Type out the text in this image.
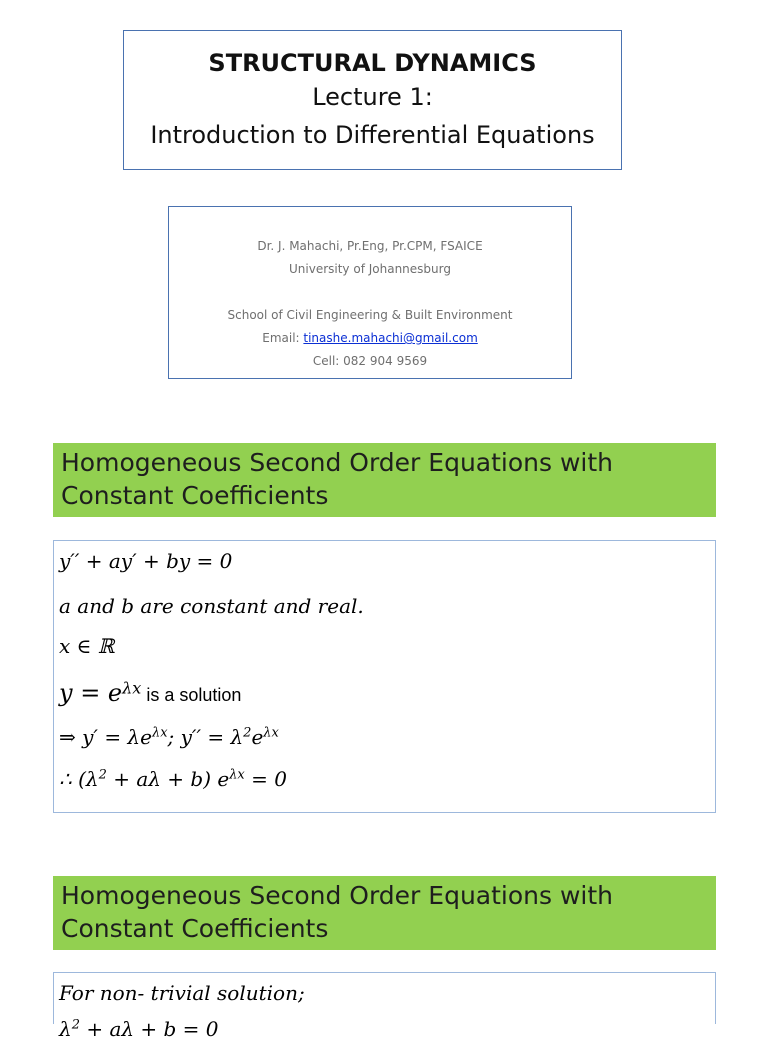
STRUCTURAL DYNAMICS
Lecture 1:
Introduction to Differential Equations
Dr. J. Mahachi, Pr.Eng, Pr.CPM, FSAICE
University of Johannesburg
School of Civil Engineering & Built Environment
Email: tinashe.mahachi@gmail.com
Cell: 082 904 9569
Homogeneous Second Order Equations with
Constant Coefficients
y′′ + ay′ + by = 0
a and b are constant and real.
x ∈ ℝ
$y = e^{\lambda x}$ is a solution
⇒ $y' = \lambda e^{\lambda x}$; $y'' = \lambda^2e^{\lambda x}$
∴ $(\lambda^2 + a\lambda + b) e^{\lambda x} = 0$
Homogeneous Second Order Equations with
Constant Coefficients
For non- trivial solution;
$\lambda^2 + a\lambda + b = 0$
